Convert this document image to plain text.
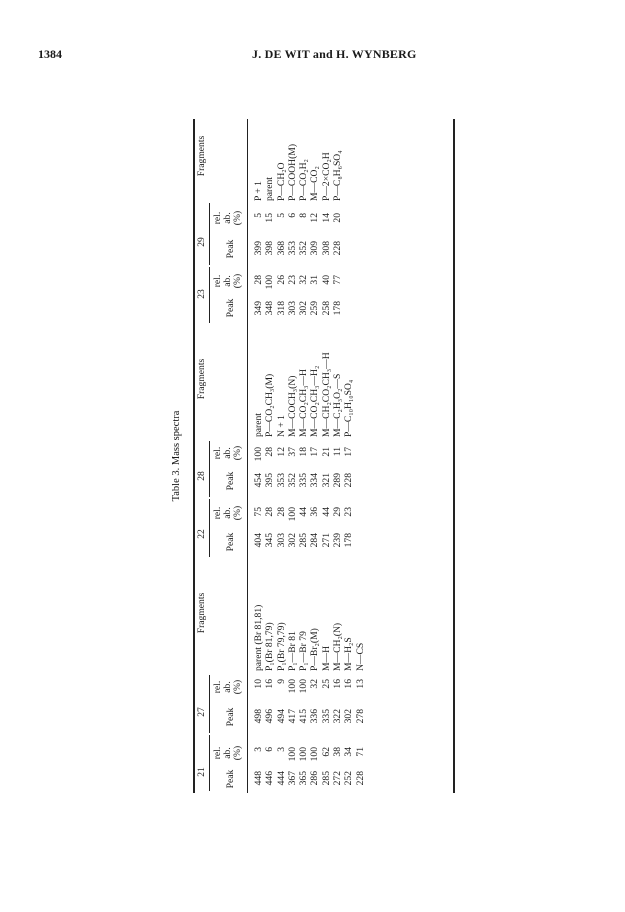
1384	J. DE WIT and H. WYNBERG
Table 3. Mass spectra
21
27
22
28
23
29
Fragments
Fragments
Fragments
Peak
rel. ab. (%)
Peak
rel. ab. (%)
Peak
rel. ab. (%)
Peak
rel. ab. (%)
Peak
rel. ab. (%)
Peak
rel. ab. (%)
448 446 444 367 365 286 285 272 252 228
3 6 3 100 100 100 62 38 34 71
498 496 494 417 415 336 335 322 302 278
10 16 9 100 100 32 25 16 16 13
parent (Br 81,81) P₁(Br 81,79) P₁(Br 79,79) P₁—Br 81 P₁—Br 79 P—Br₂(M) M—H M—CH₂(N) M—H₂S N—CS
404 345 303 302 285 284 271 239 178
75 28 28 100 44 36 44 29 23
454 395 353 352 335 334 321 289 228
100 28 12 37 18 17 21 11 17
parent P—CO₂CH₃(M) N + 1 M—COCH₃(N) M—CO₂CH₃—H M—CO₂CH₃—H₂ M—CH₂CO₂CH₃—H M—C₂H₃O₂—S P—C₁₀H₁₀SO₄
349 348 318 303 302 259 258 178
28 100 26 23 32 31 40 77
399 398 368 353 352 309 308 228
5 15 5 6 8 12 14 20
P + 1 parent P—CH₂O P—COOH(M) P—CO₂H₂ M—CO₂ P—2×CO₂H P—C₈H₆SO₄
